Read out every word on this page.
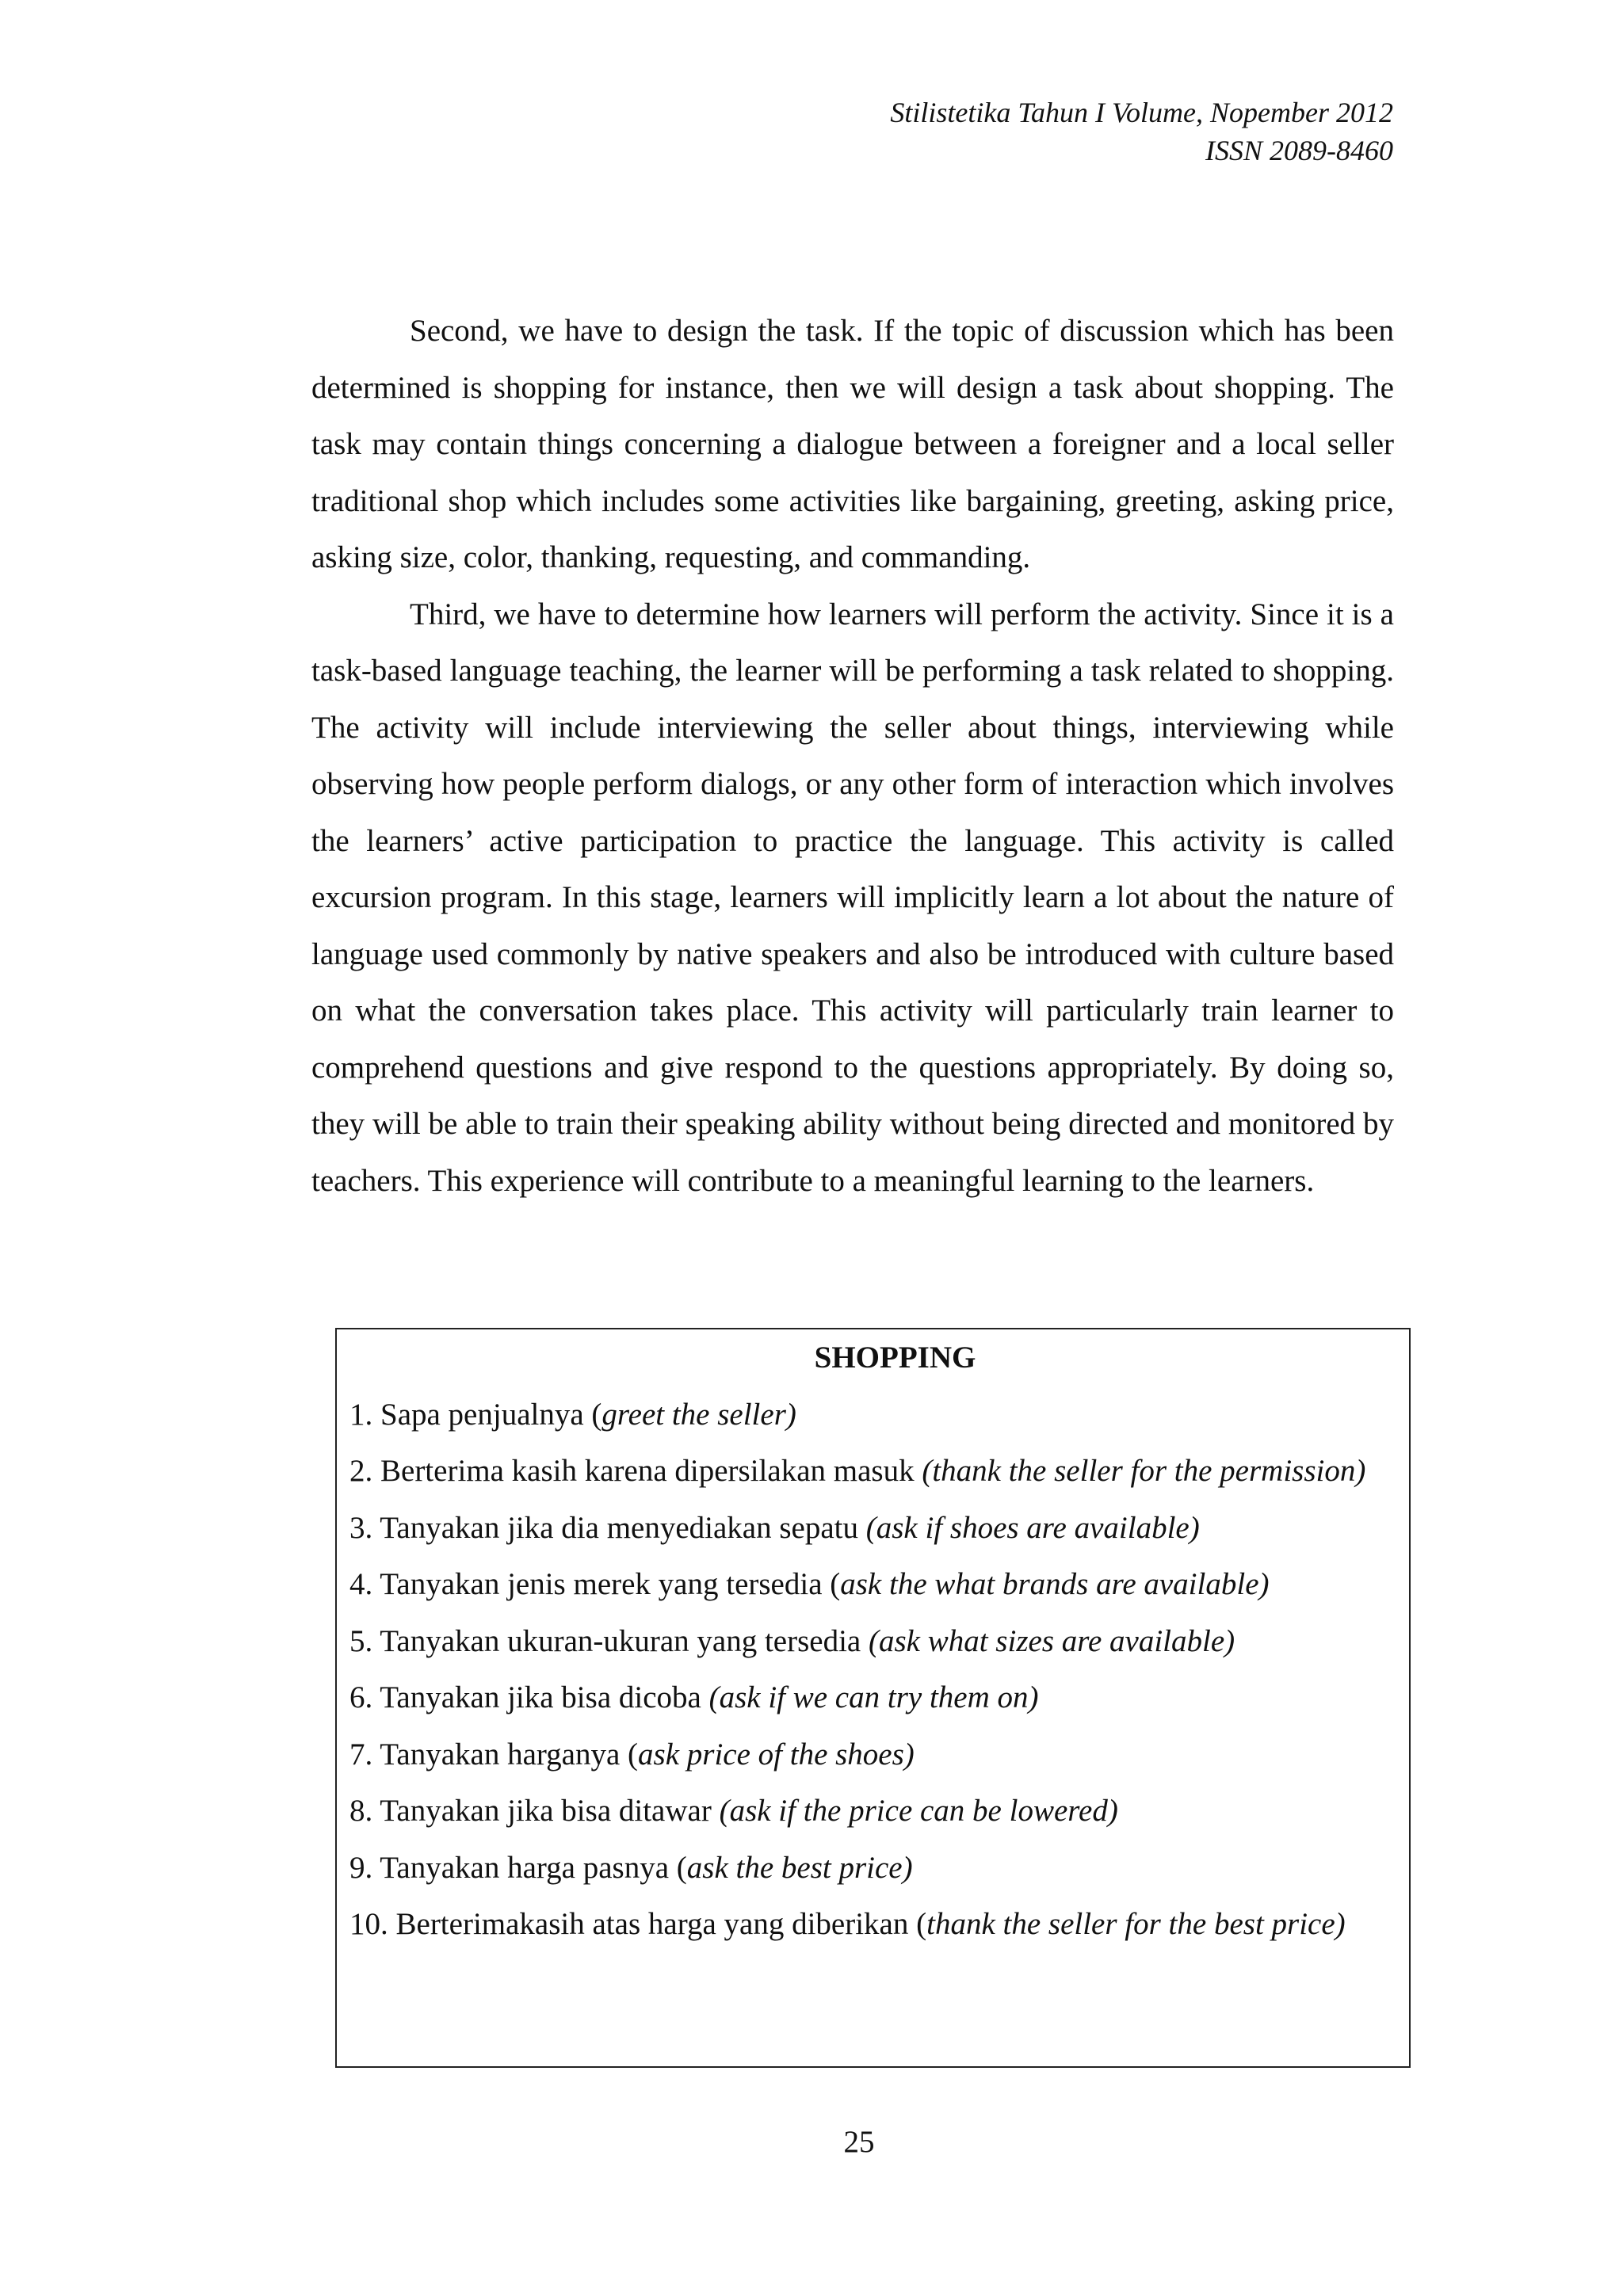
Stilistetika Tahun I Volume, Nopember 2012
ISSN 2089-8460

Second, we have to design the task. If the topic of discussion which has been determined is shopping for instance, then we will design a task about shopping. The task may contain things concerning a dialogue between a foreigner and a local seller traditional shop which includes some activities like bargaining, greeting, asking price, asking size, color, thanking, requesting, and commanding.

Third, we have to determine how learners will perform the activity. Since it is a task-based language teaching, the learner will be performing a task related to shopping. The activity will include interviewing the seller about things, interviewing while observing how people perform dialogs, or any other form of interaction which involves the learners’ active participation to practice the language. This activity is called excursion program. In this stage, learners will implicitly learn a lot about the nature of language used commonly by native speakers and also be introduced with culture based on what the conversation takes place. This activity will particularly train learner to comprehend questions and give respond to the questions appropriately. By doing so, they will be able to train their speaking ability without being directed and monitored by teachers. This experience will contribute to a meaningful learning to the learners.

SHOPPING

1. Sapa penjualnya (greet the seller)
2. Berterima kasih karena dipersilakan masuk (thank the seller for the permission)
3. Tanyakan jika dia menyediakan sepatu (ask if shoes are available)
4. Tanyakan jenis merek yang tersedia (ask the what brands are available)
5. Tanyakan ukuran-ukuran yang tersedia (ask what sizes are available)
6. Tanyakan jika bisa dicoba (ask if we can try them on)
7. Tanyakan harganya (ask price of the shoes)
8. Tanyakan jika bisa ditawar (ask if the price can be lowered)
9. Tanyakan harga pasnya (ask the best price)
10. Berterimakasih atas harga yang diberikan (thank the seller for the best price)
25
